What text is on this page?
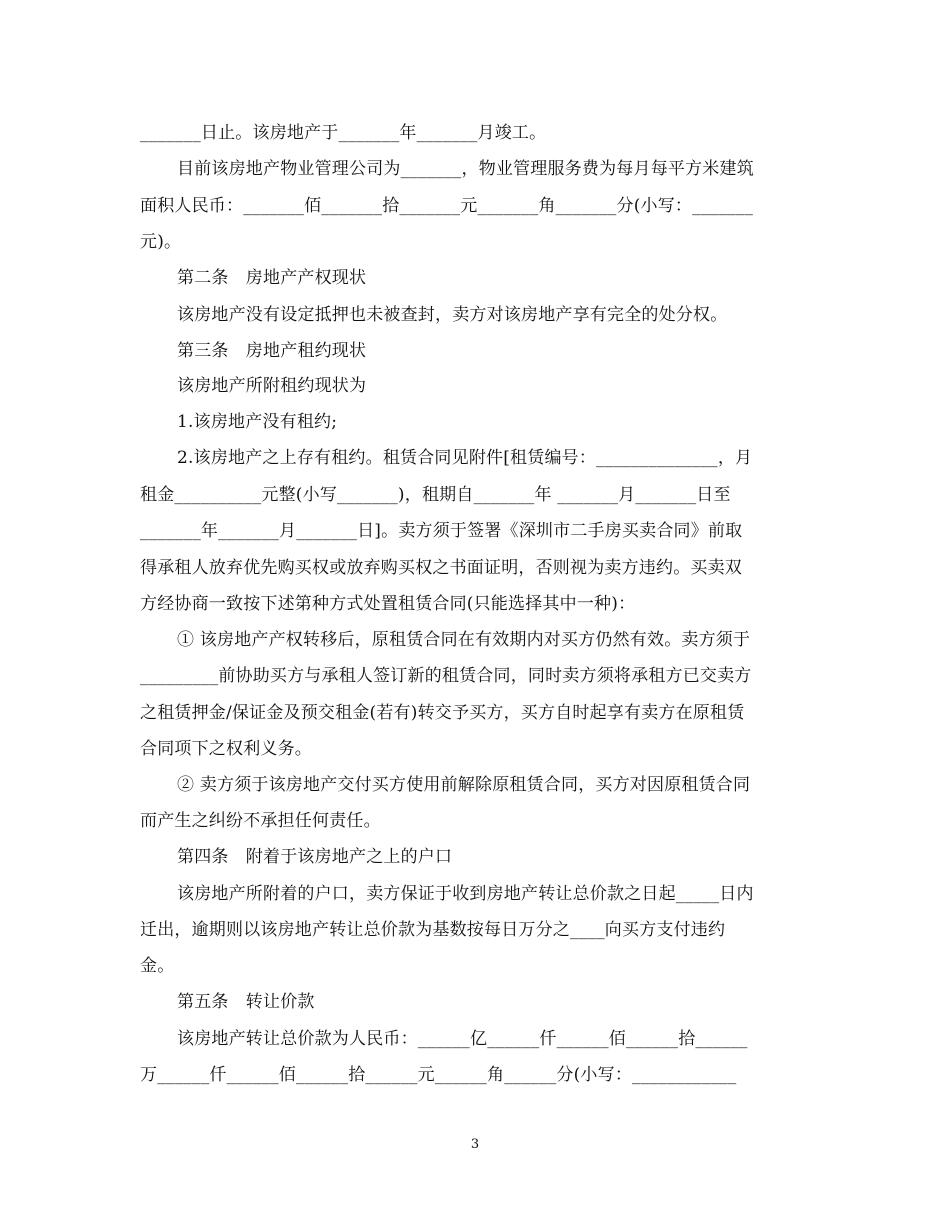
_______日止。该房地产于_______年_______月竣工。
目前该房地产物业管理公司为_______，物业管理服务费为每月每平方米建筑
面积人民币：_______佰_______拾_______元_______角_______分(小写：_______
元)。
第二条　房地产产权现状
该房地产没有设定抵押也未被查封，卖方对该房地产享有完全的处分权。
第三条　房地产租约现状
该房地产所附租约现状为
1.该房地产没有租约;
2.该房地产之上存有租约。租赁合同见附件[租赁编号：______________，月
租金__________元整(小写_______)，租期自_______年 _______月_______日至
_______年_______月_______日]。卖方须于签署《深圳市二手房买卖合同》前取
得承租人放弃优先购买权或放弃购买权之书面证明，否则视为卖方违约。买卖双
方经协商一致按下述第种方式处置租赁合同(只能选择其中一种)：
① 该房地产产权转移后，原租赁合同在有效期内对买方仍然有效。卖方须于
_________前协助买方与承租人签订新的租赁合同，同时卖方须将承租方已交卖方
之租赁押金/保证金及预交租金(若有)转交予买方，买方自时起享有卖方在原租赁
合同项下之权利义务。
② 卖方须于该房地产交付买方使用前解除原租赁合同，买方对因原租赁合同
而产生之纠纷不承担任何责任。
第四条　附着于该房地产之上的户口
该房地产所附着的户口，卖方保证于收到房地产转让总价款之日起_____日内
迁出，逾期则以该房地产转让总价款为基数按每日万分之____向买方支付违约
金。
第五条　转让价款
该房地产转让总价款为人民币：______亿______仟______佰______拾______
万______仟______佰______拾______元______角______分(小写：____________
3
